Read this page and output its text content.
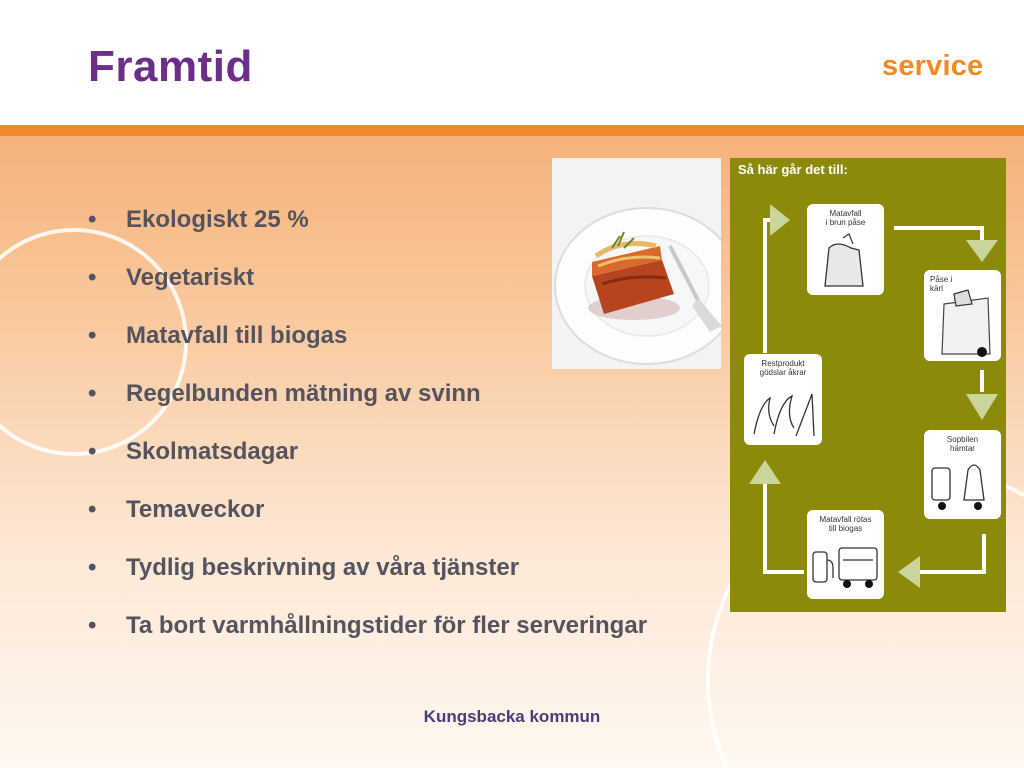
Framtid	service
• Ekologiskt 25 %
• Vegetariskt
• Matavfall till biogas
• Regelbunden mätning av svinn
• Skolmatsdagar
• Temaveckor
• Tydlig beskrivning av våra tjänster
• Ta bort varmhållningstider för fler serveringar
Så här går det till:
Matavfall
i brun påse
Påse i
kärl
Sopbilen
hämtar
Matavfall rötas
till biogas
Restprodukt
gödslar åkrar
Kungsbacka kommun
